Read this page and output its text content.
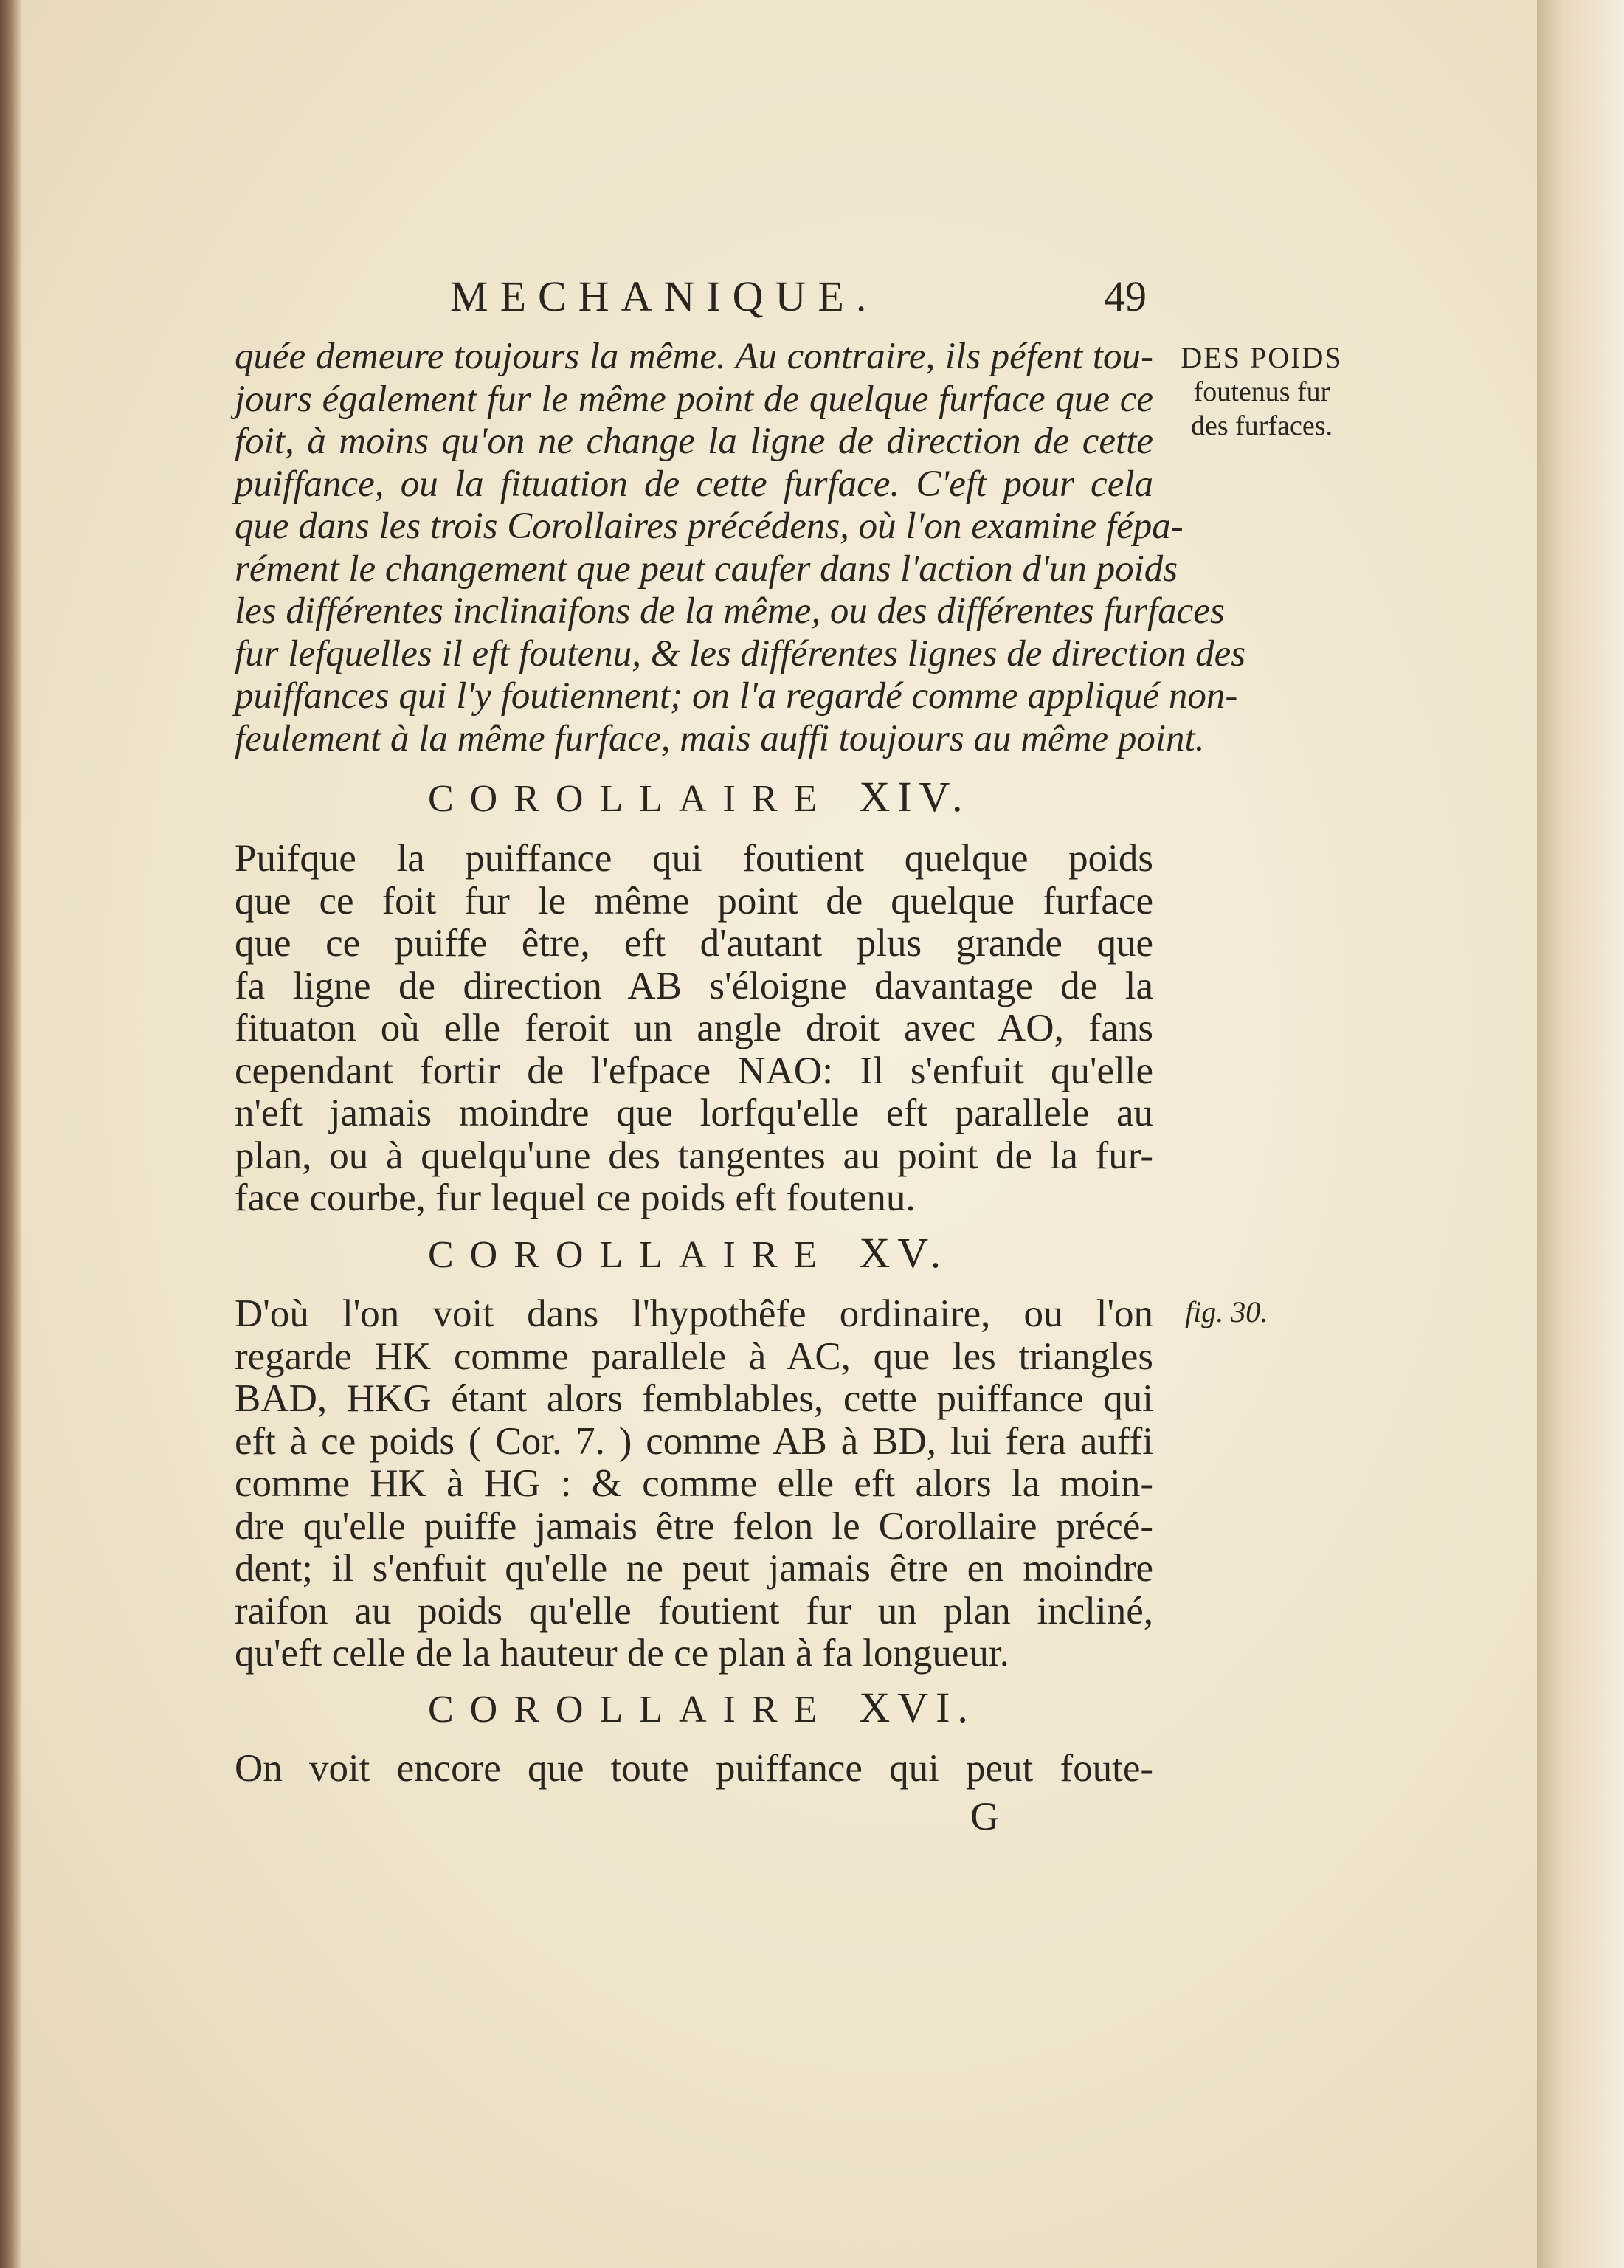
MECHANIQUE.	49
DES POIDS
foutenus fur
des furfaces.
quée demeure toujours la même. Au contraire, ils péfent tou-
jours également fur le même point de quelque furface que ce
foit, à moins qu'on ne change la ligne de direction de cette
puiffance, ou la fituation de cette furface. C'eft pour cela
que dans les trois Corollaires précédens, où l'on examine fépa-
rément le changement que peut caufer dans l'action d'un poids
les différentes inclinaifons de la même, ou des différentes furfaces
fur lefquelles il eft foutenu, & les différentes lignes de direction des
puiffances qui l'y foutiennent; on l'a regardé comme appliqué non-
feulement à la même furface, mais auffi toujours au même point.
COROLLAIRE XIV.
Puifque la puiffance qui foutient quelque poids
que ce foit fur le même point de quelque furface
que ce puiffe être, eft d'autant plus grande que
fa ligne de direction AB s'éloigne davantage de la
fituaton où elle feroit un angle droit avec AO, fans
cependant fortir de l'efpace NAO: Il s'enfuit qu'elle
n'eft jamais moindre que lorfqu'elle eft parallele au
plan, ou à quelqu'une des tangentes au point de la fur-
face courbe, fur lequel ce poids eft foutenu.
COROLLAIRE XV.
fig. 30.
D'où l'on voit dans l'hypothêfe ordinaire, ou l'on
regarde HK comme parallele à AC, que les triangles
BAD, HKG étant alors femblables, cette puiffance qui
eft à ce poids ( Cor. 7. ) comme AB à BD, lui fera auffi
comme HK à HG : & comme elle eft alors la moin-
dre qu'elle puiffe jamais être felon le Corollaire précé-
dent; il s'enfuit qu'elle ne peut jamais être en moindre
raifon au poids qu'elle foutient fur un plan incliné,
qu'eft celle de la hauteur de ce plan à fa longueur.
COROLLAIRE XVI.
On voit encore que toute puiffance qui peut foute-
G
